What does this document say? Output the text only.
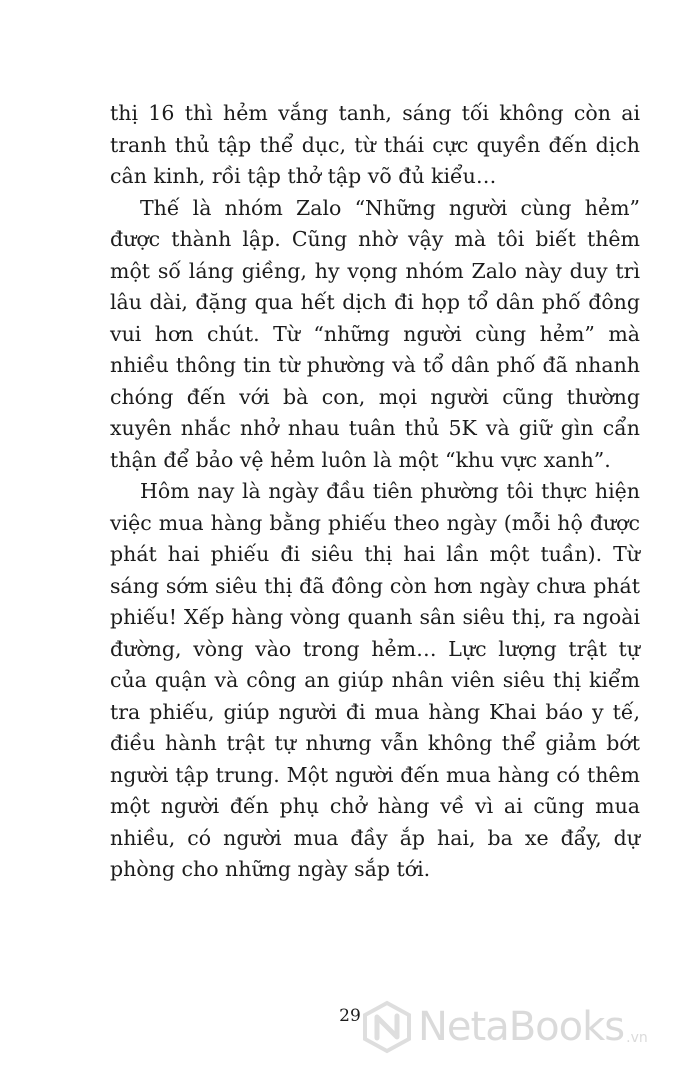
thị 16 thì hẻm vắng tanh, sáng tối không còn ai tranh thủ tập thể dục, từ thái cực quyền đến dịch cân kinh, rồi tập thở tập võ đủ kiểu…

Thế là nhóm Zalo “Những người cùng hẻm” được thành lập. Cũng nhờ vậy mà tôi biết thêm một số láng giềng, hy vọng nhóm Zalo này duy trì lâu dài, đặng qua hết dịch đi họp tổ dân phố đông vui hơn chút. Từ “những người cùng hẻm” mà nhiều thông tin từ phường và tổ dân phố đã nhanh chóng đến với bà con, mọi người cũng thường xuyên nhắc nhở nhau tuân thủ 5K và giữ gìn cẩn thận để bảo vệ hẻm luôn là một “khu vực xanh”.

Hôm nay là ngày đầu tiên phường tôi thực hiện việc mua hàng bằng phiếu theo ngày (mỗi hộ được phát hai phiếu đi siêu thị hai lần một tuần). Từ sáng sớm siêu thị đã đông còn hơn ngày chưa phát phiếu! Xếp hàng vòng quanh sân siêu thị, ra ngoài đường, vòng vào trong hẻm… Lực lượng trật tự của quận và công an giúp nhân viên siêu thị kiểm tra phiếu, giúp người đi mua hàng Khai báo y tế, điều hành trật tự nhưng vẫn không thể giảm bớt người tập trung. Một người đến mua hàng có thêm một người đến phụ chở hàng về vì ai cũng mua nhiều, có người mua đầy ắp hai, ba xe đẩy, dự phòng cho những ngày sắp tới.

29	NetaBooks .vn
